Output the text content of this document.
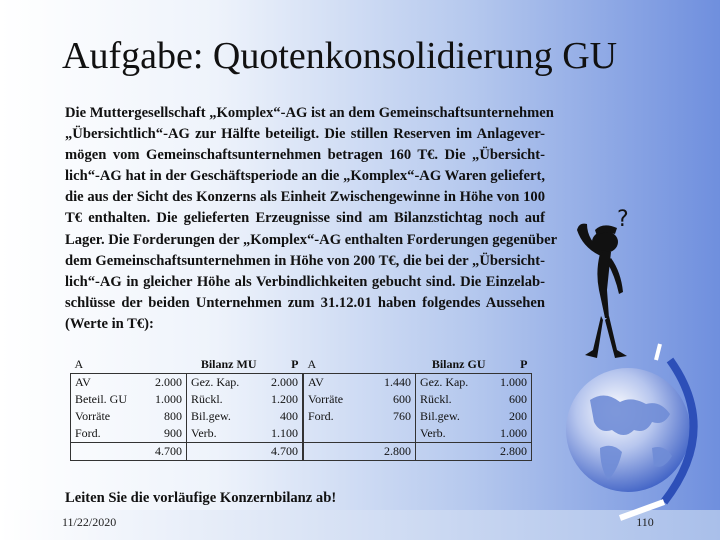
Aufgabe: Quotenkonsolidierung GU
Die Muttergesellschaft „Komplex“-AG ist an dem Gemeinschaftsunternehmen
„Übersichtlich“-AG zur Hälfte beteiligt. Die stillen Reserven im Anlagever-
mögen vom Gemeinschaftsunternehmen betragen 160 T€. Die „Übersicht-
lich“-AG hat in der Geschäftsperiode an die „Komplex“-AG Waren geliefert,
die aus der Sicht des Konzerns als Einheit Zwischengewinne in Höhe von 100
T€ enthalten. Die gelieferten Erzeugnisse sind am Bilanzstichtag noch auf
Lager. Die Forderungen der „Komplex“-AG enthalten Forderungen gegenüber
dem Gemeinschaftsunternehmen in Höhe von 200 T€, die bei der „Übersicht-
lich“-AG in gleicher Höhe als Verbindlichkeiten gebucht sind. Die Einzelab-
schlüsse der beiden Unternehmen zum 31.12.01 haben folgendes Aussehen
(Werte in T€):
A		Bilanz MU	P
AV	2.000	Gez. Kap.	2.000
Beteil. GU	1.000	Rückl.	1.200
Vorräte	800	Bil.gew.	400
Ford.	900	Verb.	1.100
	4.700		4.700
A		Bilanz GU	P
AV	1.440	Gez. Kap.	1.000
Vorräte	600	Rückl.	600
Ford.	760	Bil.gew.	200
		Verb.	1.000
	2.800		2.800
Leiten Sie die vorläufige Konzernbilanz ab!
?
11/22/2020	110
